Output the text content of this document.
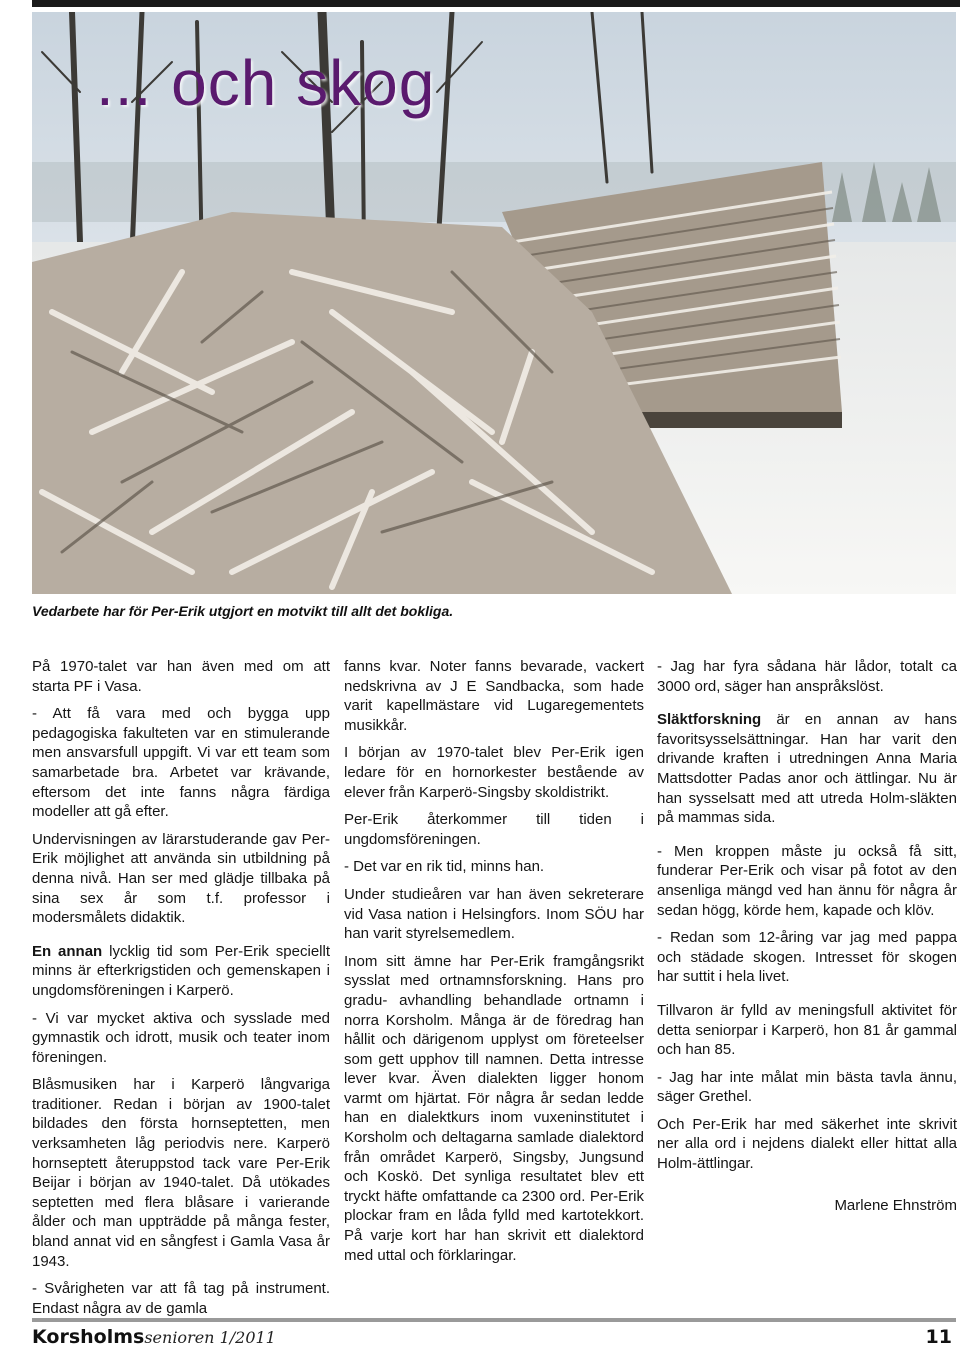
... och skog
Vedarbete har för Per-Erik utgjort en motvikt till allt det bokliga.

På 1970-talet var han även med om att starta PF i Vasa.

- Att få vara med och bygga upp pedagogiska fakulteten var en stimulerande men ansvarsfull uppgift. Vi var ett team som samarbetade bra. Arbetet var krävande, eftersom det inte fanns några färdiga modeller att gå efter.

Undervisningen av lärarstuderande gav Per-Erik möjlighet att använda sin utbildning på denna nivå. Han ser med glädje tillbaka på sina sex år som t.f. professor i modersmålets didaktik.

En annan lycklig tid som Per-Erik speciellt minns är efterkrigstiden och gemenskapen i ungdomsföreningen i Karperö.

- Vi var mycket aktiva och sysslade med gymnastik och idrott, musik och teater inom föreningen.

Blåsmusiken har i Karperö långvariga traditioner. Redan i början av 1900-talet bildades den första hornseptetten, men verksamheten låg periodvis nere. Karperö hornseptett återuppstod tack vare Per-Erik Beijar i början av 1940-talet. Då utökades septetten med flera blåsare i varierande ålder och man uppträdde på många fester, bland annat vid en sångfest i Gamla Vasa år 1943.

- Svårigheten var att få tag på instrument. Endast några av de gamla

fanns kvar. Noter fanns bevarade, vackert nedskrivna av J E Sandbacka, som hade varit kapellmästare vid Lugaregementets musikkår.

I början av 1970-talet blev Per-Erik igen ledare för en hornorkester bestående av elever från Karperö-Singsby skoldistrikt.

Per-Erik återkommer till tiden i ungdomsföreningen.

- Det var en rik tid, minns han.

Under studieåren var han även sekreterare vid Vasa nation i Helsingfors. Inom SÖU har han varit styrelsemedlem.

Inom sitt ämne har Per-Erik framgångsrikt sysslat med ortnamnsforskning. Hans pro gradu- avhandling behandlade ortnamn i norra Korsholm. Många är de föredrag han hållit och därigenom upplyst om företeelser som gett upphov till namnen. Detta intresse lever kvar. Även dialekten ligger honom varmt om hjärtat. För några år sedan ledde han en dialektkurs inom vuxeninstitutet i Korsholm och deltagarna samlade dialektord från området Karperö, Singsby, Jungsund och Koskö. Det synliga resultatet blev ett tryckt häfte omfattande ca 2300 ord. Per-Erik plockar fram en låda fylld med kartotekkort. På varje kort har han skrivit ett dialektord med uttal och förklaringar.

- Jag har fyra sådana här lådor, totalt ca 3000 ord, säger han anspråkslöst.

Släktforskning är en annan av hans favoritsysselsättningar. Han har varit den drivande kraften i utredningen Anna Maria Mattsdotter Padas anor och ättlingar. Nu är han sysselsatt med att utreda Holm-släkten på mammas sida.

- Men kroppen måste ju också få sitt, funderar Per-Erik och visar på fotot av den ansenliga mängd ved han ännu för några år sedan högg, körde hem, kapade och klöv.

- Redan som 12-åring var jag med pappa och städade skogen. Intresset för skogen har suttit i hela livet.

Tillvaron är fylld av meningsfull aktivitet för detta seniorpar i Karperö, hon 81 år gammal och han 85.

- Jag har inte målat min bästa tavla ännu, säger Grethel.

Och Per-Erik har med säkerhet inte skrivit ner alla ord i nejdens dialekt eller hittat alla Holm-ättlingar.

Marlene Ehnström

Korsholmssenioren 1/2011	11
